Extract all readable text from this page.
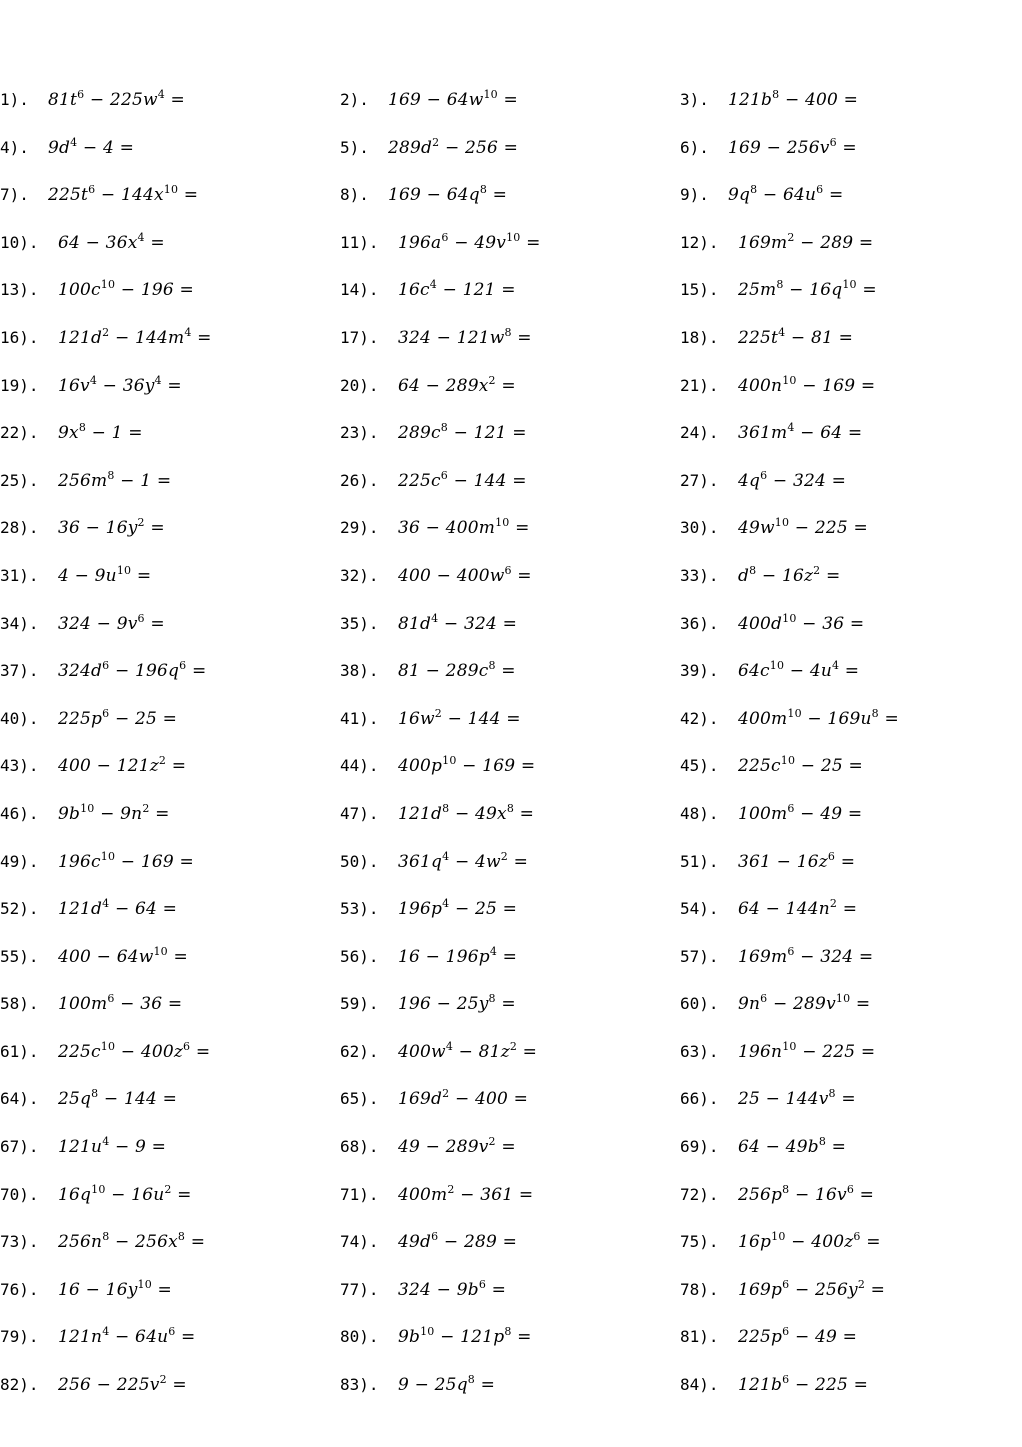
1). $81t^6 - 225w^4$ =	2). $169 - 64w^{10}$ =	3). $121b^8 - 400$ =
4). $9d^4 - 4$ =	5). $289d^2 - 256$ =	6). $169 - 256v^6$ =
7). $225t^6 - 144x^{10}$ =	8). $169 - 64q^8$ =	9). $9q^8 - 64u^6$ =
10). $64 - 36x^4$ =	11). $196a^6 - 49v^{10}$ =	12). $169m^2 - 289$ =
13). $100c^{10} - 196$ =	14). $16c^4 - 121$ =	15). $25m^8 - 16q^{10}$ =
16). $121d^2 - 144m^4$ =	17). $324 - 121w^8$ =	18). $225t^4 - 81$ =
19). $16v^4 - 36y^4$ =	20). $64 - 289x^2$ =	21). $400n^{10} - 169$ =
22). $9x^8 - 1$ =	23). $289c^8 - 121$ =	24). $361m^4 - 64$ =
25). $256m^8 - 1$ =	26). $225c^6 - 144$ =	27). $4q^6 - 324$ =
28). $36 - 16y^2$ =	29). $36 - 400m^{10}$ =	30). $49w^{10} - 225$ =
31). $4 - 9u^{10}$ =	32). $400 - 400w^6$ =	33). $d^8 - 16z^2$ =
34). $324 - 9v^6$ =	35). $81d^4 - 324$ =	36). $400d^{10} - 36$ =
37). $324d^6 - 196q^6$ =	38). $81 - 289c^8$ =	39). $64c^{10} - 4u^4$ =
40). $225p^6 - 25$ =	41). $16w^2 - 144$ =	42). $400m^{10} - 169u^8$ =
43). $400 - 121z^2$ =	44). $400p^{10} - 169$ =	45). $225c^{10} - 25$ =
46). $9b^{10} - 9n^2$ =	47). $121d^8 - 49x^8$ =	48). $100m^6 - 49$ =
49). $196c^{10} - 169$ =	50). $361q^4 - 4w^2$ =	51). $361 - 16z^6$ =
52). $121d^4 - 64$ =	53). $196p^4 - 25$ =	54). $64 - 144n^2$ =
55). $400 - 64w^{10}$ =	56). $16 - 196p^4$ =	57). $169m^6 - 324$ =
58). $100m^6 - 36$ =	59). $196 - 25y^8$ =	60). $9n^6 - 289v^{10}$ =
61). $225c^{10} - 400z^6$ =	62). $400w^4 - 81z^2$ =	63). $196n^{10} - 225$ =
64). $25q^8 - 144$ =	65). $169d^2 - 400$ =	66). $25 - 144v^8$ =
67). $121u^4 - 9$ =	68). $49 - 289v^2$ =	69). $64 - 49b^8$ =
70). $16q^{10} - 16u^2$ =	71). $400m^2 - 361$ =	72). $256p^8 - 16v^6$ =
73). $256n^8 - 256x^8$ =	74). $49d^6 - 289$ =	75). $16p^{10} - 400z^6$ =
76). $16 - 16y^{10}$ =	77). $324 - 9b^6$ =	78). $169p^6 - 256y^2$ =
79). $121n^4 - 64u^6$ =	80). $9b^{10} - 121p^8$ =	81). $225p^6 - 49$ =
82). $256 - 225v^2$ =	83). $9 - 25q^8$ =	84). $121b^6 - 225$ =
